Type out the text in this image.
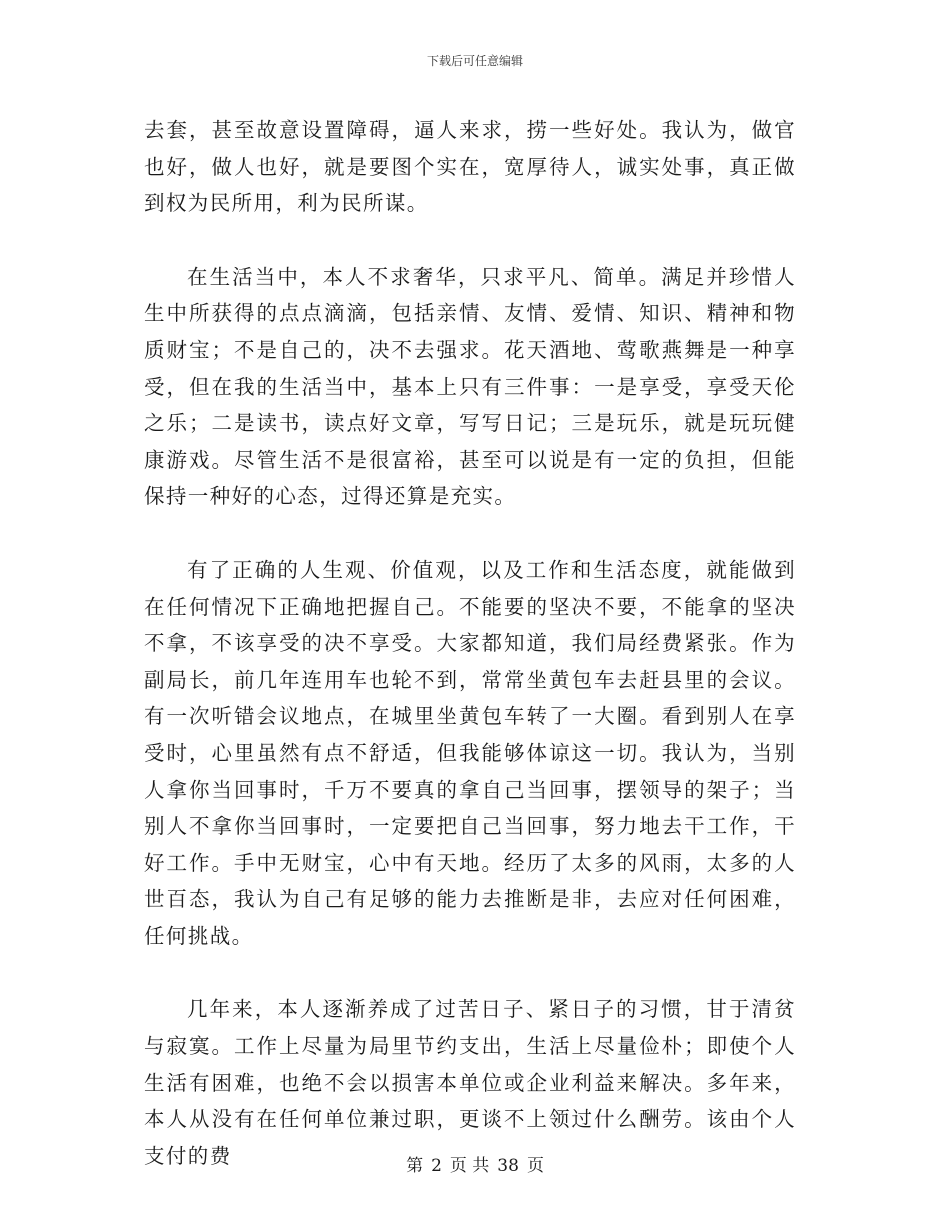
下载后可任意编辑

去套，甚至故意设置障碍，逼人来求，捞一些好处。我认为，做官也好，做人也好，就是要图个实在，宽厚待人，诚实处事，真正做到权为民所用，利为民所谋。

在生活当中，本人不求奢华，只求平凡、简单。满足并珍惜人生中所获得的点点滴滴，包括亲情、友情、爱情、知识、精神和物质财宝；不是自己的，决不去强求。花天酒地、莺歌燕舞是一种享受，但在我的生活当中，基本上只有三件事：一是享受，享受天伦之乐；二是读书，读点好文章，写写日记；三是玩乐，就是玩玩健康游戏。尽管生活不是很富裕，甚至可以说是有一定的负担，但能保持一种好的心态，过得还算是充实。

有了正确的人生观、价值观，以及工作和生活态度，就能做到在任何情况下正确地把握自己。不能要的坚决不要，不能拿的坚决不拿，不该享受的决不享受。大家都知道，我们局经费紧张。作为副局长，前几年连用车也轮不到，常常坐黄包车去赶县里的会议。有一次听错会议地点，在城里坐黄包车转了一大圈。看到别人在享受时，心里虽然有点不舒适，但我能够体谅这一切。我认为，当别人拿你当回事时，千万不要真的拿自己当回事，摆领导的架子；当别人不拿你当回事时，一定要把自己当回事，努力地去干工作，干好工作。手中无财宝，心中有天地。经历了太多的风雨，太多的人世百态，我认为自己有足够的能力去推断是非，去应对任何困难，任何挑战。

几年来，本人逐渐养成了过苦日子、紧日子的习惯，甘于清贫与寂寞。工作上尽量为局里节约支出，生活上尽量俭朴；即使个人生活有困难，也绝不会以损害本单位或企业利益来解决。多年来，本人从没有在任何单位兼过职，更谈不上领过什么酬劳。该由个人支付的费	第 2 页 共 38 页
